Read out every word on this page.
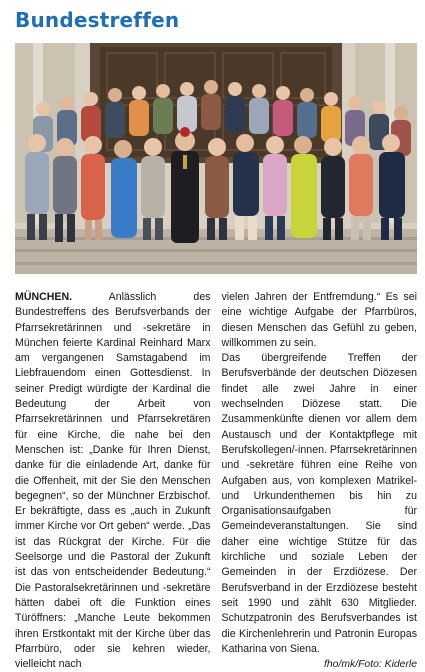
Bundestreffen

MÜNCHEN.	Anlässlich des Bundestreffens des Berufsverbands der Pfarrsekretärinnen und -sekretäre in München feierte Kardinal Reinhard Marx am vergangenen Samstagabend im Liebfrauendom einen Gottesdienst. In seiner Predigt würdigte der Kardinal die Bedeutung der Arbeit von Pfarrsekretärinnen und Pfarrsekretären für eine Kirche, die nahe bei den Menschen ist: „Danke für Ihren Dienst, danke für die einladende Art, danke für die Offenheit, mit der Sie den Menschen begegnen“, so der Münchner Erzbischof. Er bekräftigte, dass es „auch in Zukunft immer Kirche vor Ort geben“ werde. „Das ist das Rückgrat der Kirche. Für die Seelsorge und die Pastoral der Zukunft ist das von entscheidender Bedeutung.“ Die Pastoralsekretärinnen und -sekretäre hätten dabei oft die Funktion eines Türöffners: „Manche Leute bekommen ihren Erstkontakt mit der Kirche über das Pfarrbüro, oder sie kehren wieder, vielleicht nach

vielen Jahren der Entfremdung.“ Es sei eine wichtige Aufgabe der Pfarrbüros, diesen Menschen das Gefühl zu geben, willkommen zu sein.

Das übergreifende Treffen der Berufsverbände der deutschen Diözesen findet alle zwei Jahre in einer wechselnden Diözese statt. Die Zusammenkünfte dienen vor allem dem Austausch und der Kontaktpflege mit Berufskollegen/-innen. Pfarrsekretärinnen und -sekretäre führen eine Reihe von Aufgaben aus, von komplexen Matrikel- und Urkundenthemen bis hin zu Organisationsaufgaben für Gemeindeveranstaltungen. Sie sind daher eine wichtige Stütze für das kirchliche und soziale Leben der Gemeinden in der Erzdiözese. Der Berufsverband in der Erzdiözese besteht seit 1990 und zählt 630 Mitglieder. Schutzpatronin des Berufsverbandes ist die Kirchenlehrerin und Patronin Europas Katharina von Siena.

fho/mk/Foto: Kiderle
